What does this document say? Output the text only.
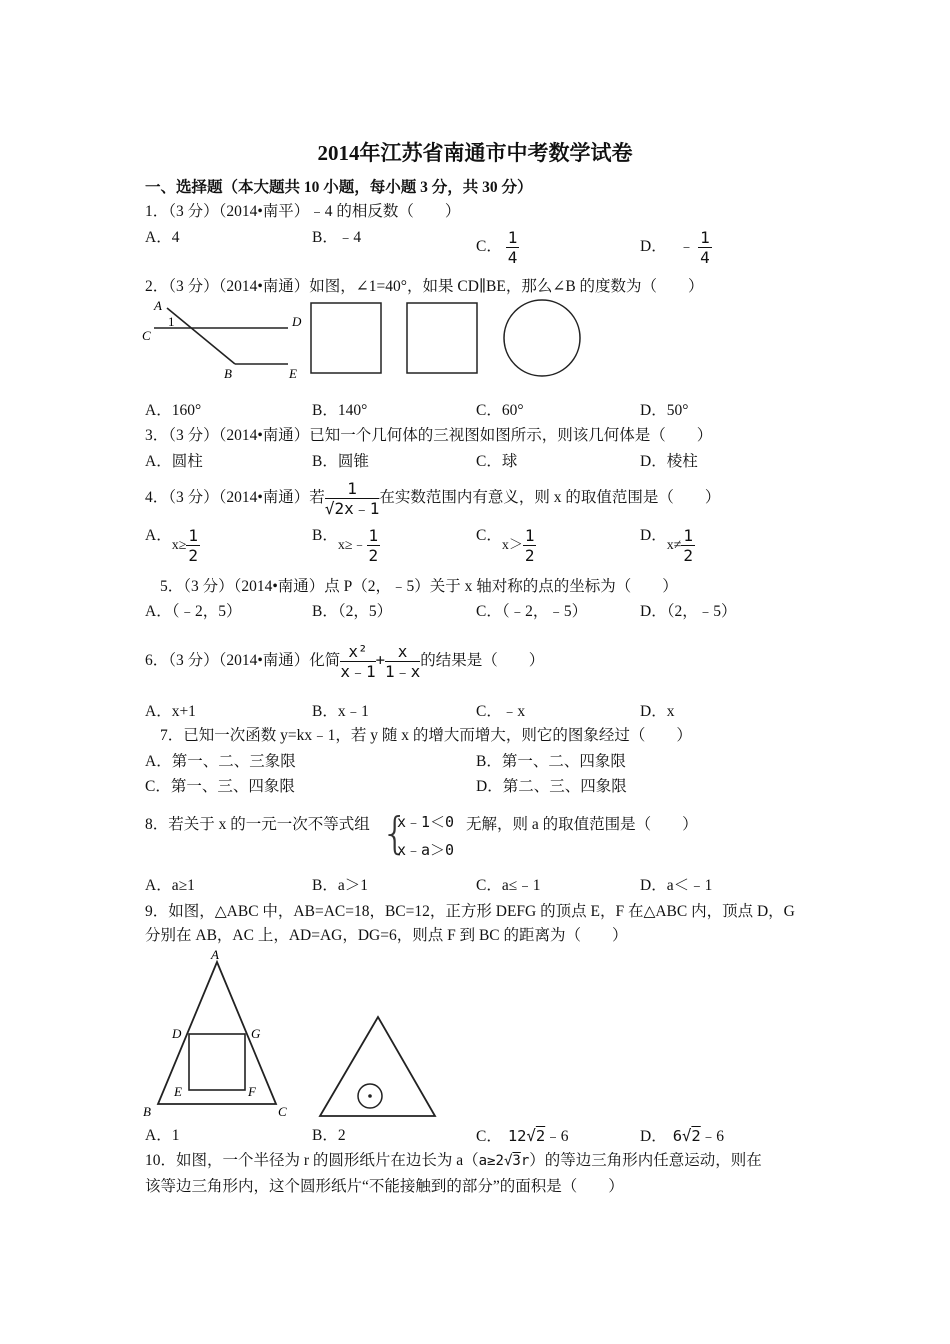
2014年江苏省南通市中考数学试卷
一、选择题（本大题共 10 小题，每小题 3 分，共 30 分）
1．（3 分）（2014•南平）﹣4 的相反数（　　）
A．4	B．﹣4
C． $\frac{1}{4}$	D． ﹣ $\frac{1}{4}$
2．（3 分）（2014•南通）如图，∠1=40°，如果 CD∥BE，那么∠B 的度数为（　　）
A
1
C
D
B	E
A．160°	B．140°	C．60°	D．50°
3．（3 分）（2014•南通）已知一个几何体的三视图如图所示，则该几何体是（　　）
A．圆柱	B．圆锥	C．球	D．棱柱
4．（3 分）（2014•南通）若 $\frac{1}{√2x﹣1}$ 在实数范围内有意义，则 x 的取值范围是（　　）
A．$x\ge \frac{1}{2}$	B．x≥﹣ $\frac{1}{2}$	C．$x> \frac{1}{2}$	D．$x\ne \frac{1}{2}$
5．（3 分）（2014•南通）点 P（2，﹣5）关于 x 轴对称的点的坐标为（　　）
A．（﹣2，5）	B．（2，5）	C．（﹣2，﹣5）	D．（2，﹣5）
6．（3 分）（2014•南通）化简 $\frac{\text{x²}}{x﹣1} + \frac{x}{1﹣x}$ 的结果是（　　）
A．x+1	B．x﹣1	C．﹣x	D．x
7．已知一次函数 y=kx﹣1，若 y 随 x 的增大而增大，则它的图象经过（　　）
A．第一、二、三象限	B．第一、二、四象限
C．第一、三、四象限	D．第二、三、四象限
8．若关于 x 的一元一次不等式组 {
x﹣1＜0
x﹣a＞0
无解，则 a 的取值范围是（　　）
A．a≥1	B．a＞1	C．a≤﹣1	D．a＜﹣1
9．如图，△ABC 中，AB=AC=18，BC=12，正方形 DEFG 的顶点 E，F 在△ABC 内，顶点 D，G
分别在 AB，AC 上，AD=AG，DG=6，则点 F 到 BC 的距离为（　　）
A
D	G
E	F
B	C
A．1	B．2	C． 12√2﹣6	D． 6√2﹣6
10．如图，一个半径为 r 的圆形纸片在边长为 a（a≥2√3r）的等边三角形内任意运动，则在
该等边三角形内，这个圆形纸片“不能接触到的部分”的面积是（　　）
